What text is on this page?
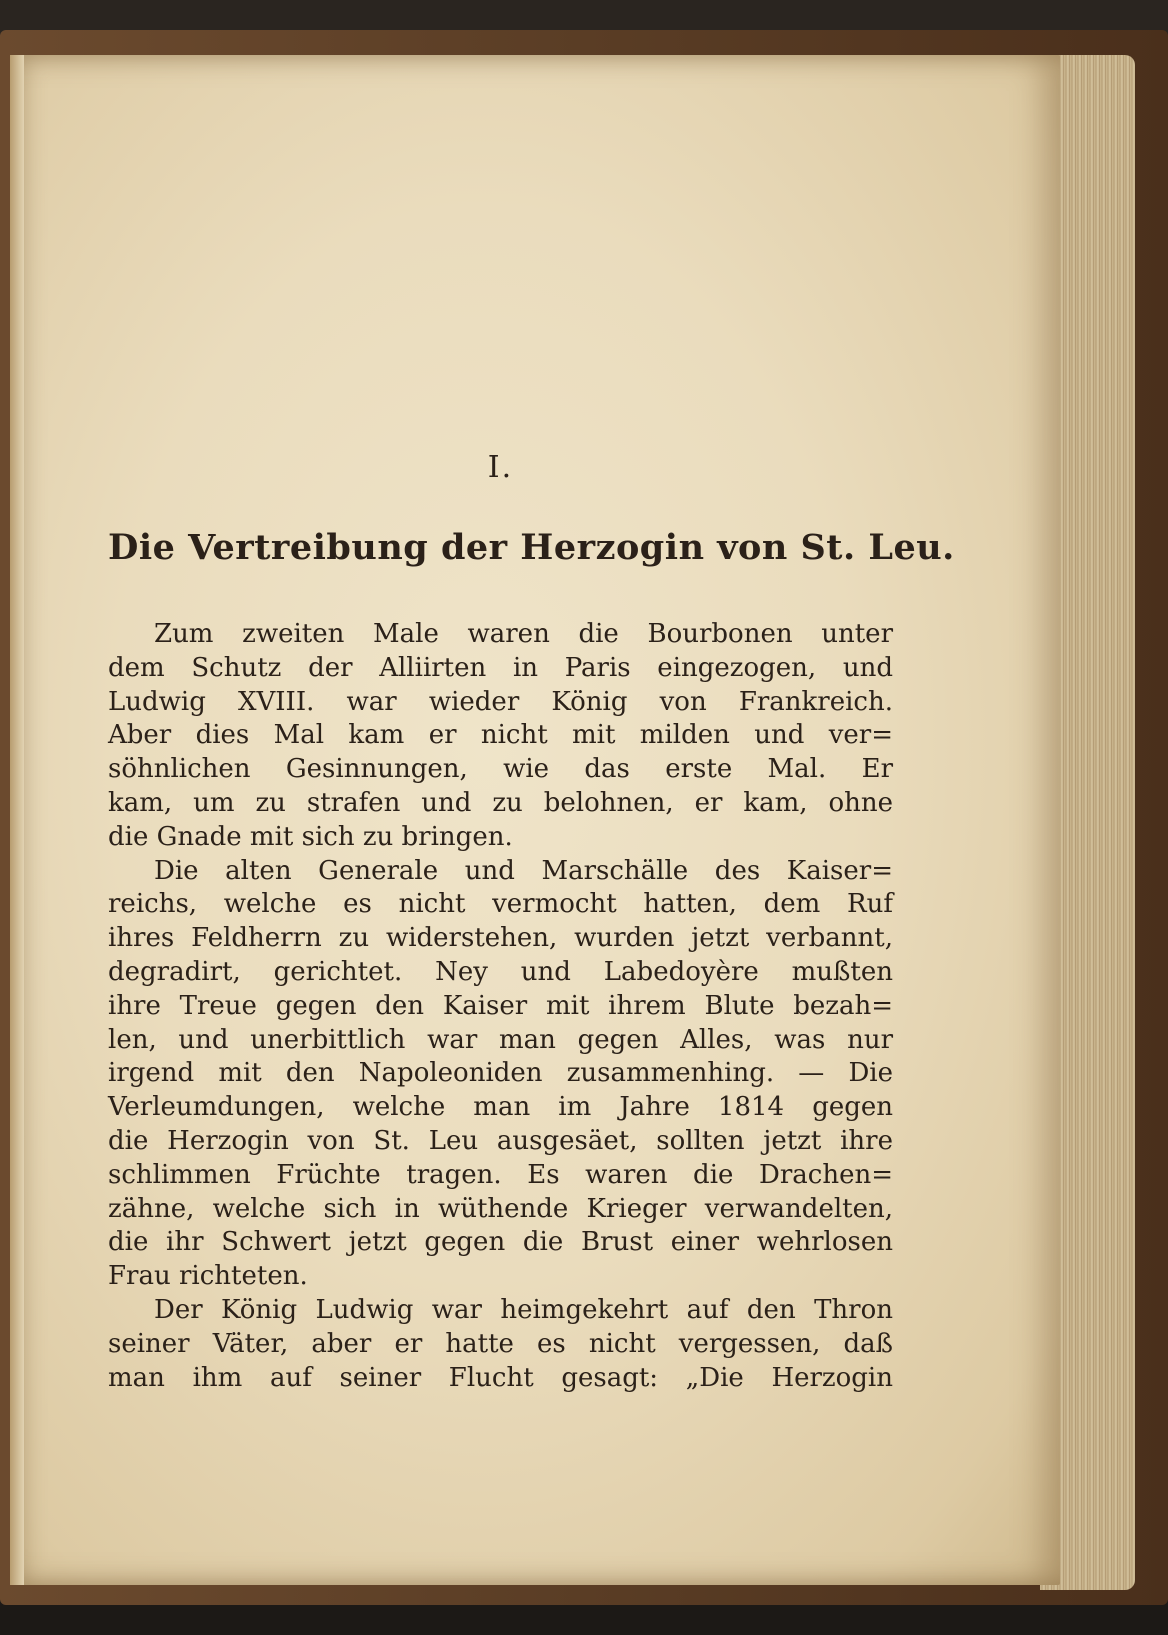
I.
Die Vertreibung der Herzogin von St. Leu.

Zum zweiten Male waren die Bourbonen unter
dem Schutz der Alliirten in Paris eingezogen, und
Ludwig XVIII. war wieder König von Frankreich.
Aber dies Mal kam er nicht mit milden und ver=
söhnlichen Gesinnungen, wie das erste Mal. Er
kam, um zu strafen und zu belohnen, er kam, ohne
die Gnade mit sich zu bringen.

Die alten Generale und Marschälle des Kaiser=
reichs, welche es nicht vermocht hatten, dem Ruf
ihres Feldherrn zu widerstehen, wurden jetzt verbannt,
degradirt, gerichtet. Ney und Labedoyère mußten
ihre Treue gegen den Kaiser mit ihrem Blute bezah=
len, und unerbittlich war man gegen Alles, was nur
irgend mit den Napoleoniden zusammenhing. — Die
Verleumdungen, welche man im Jahre 1814 gegen
die Herzogin von St. Leu ausgesäet, sollten jetzt ihre
schlimmen Früchte tragen. Es waren die Drachen=
zähne, welche sich in wüthende Krieger verwandelten,
die ihr Schwert jetzt gegen die Brust einer wehrlosen
Frau richteten.

Der König Ludwig war heimgekehrt auf den Thron
seiner Väter, aber er hatte es nicht vergessen, daß
man ihm auf seiner Flucht gesagt: „Die Herzogin
